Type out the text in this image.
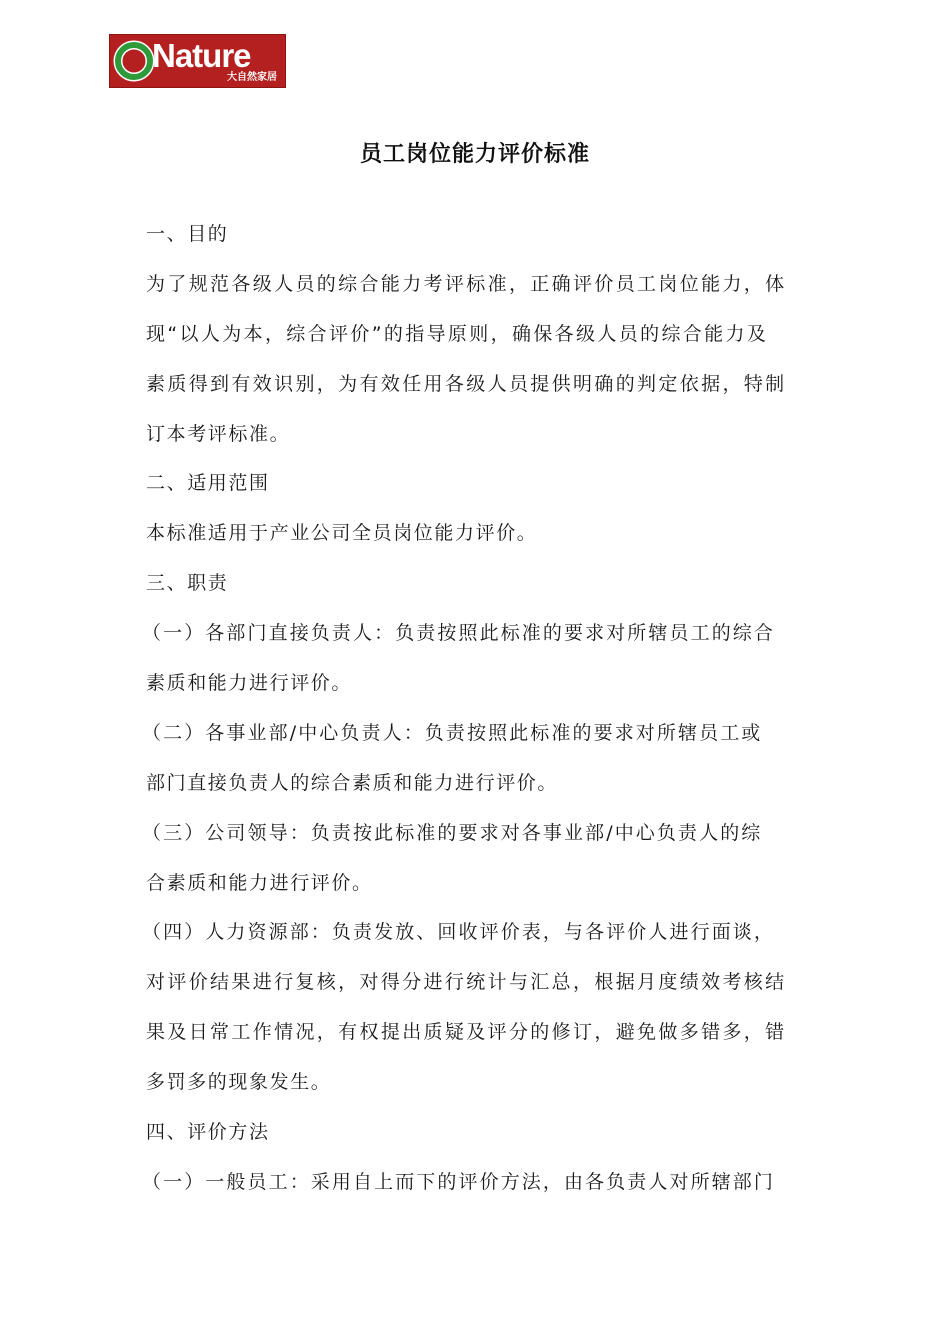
Nature
大自然家居
员工岗位能力评价标准
一、目的
为了规范各级人员的综合能力考评标准，正确评价员工岗位能力，体
现“以人为本，综合评价”的指导原则，确保各级人员的综合能力及
素质得到有效识别，为有效任用各级人员提供明确的判定依据，特制
订本考评标准。
二、适用范围
本标准适用于产业公司全员岗位能力评价。
三、职责
（一）各部门直接负责人：负责按照此标准的要求对所辖员工的综合
素质和能力进行评价。
（二）各事业部/中心负责人：负责按照此标准的要求对所辖员工或
部门直接负责人的综合素质和能力进行评价。
（三）公司领导：负责按此标准的要求对各事业部/中心负责人的综
合素质和能力进行评价。
（四）人力资源部：负责发放、回收评价表，与各评价人进行面谈，
对评价结果进行复核，对得分进行统计与汇总，根据月度绩效考核结
果及日常工作情况，有权提出质疑及评分的修订，避免做多错多，错
多罚多的现象发生。
四、评价方法
（一）一般员工：采用自上而下的评价方法，由各负责人对所辖部门
